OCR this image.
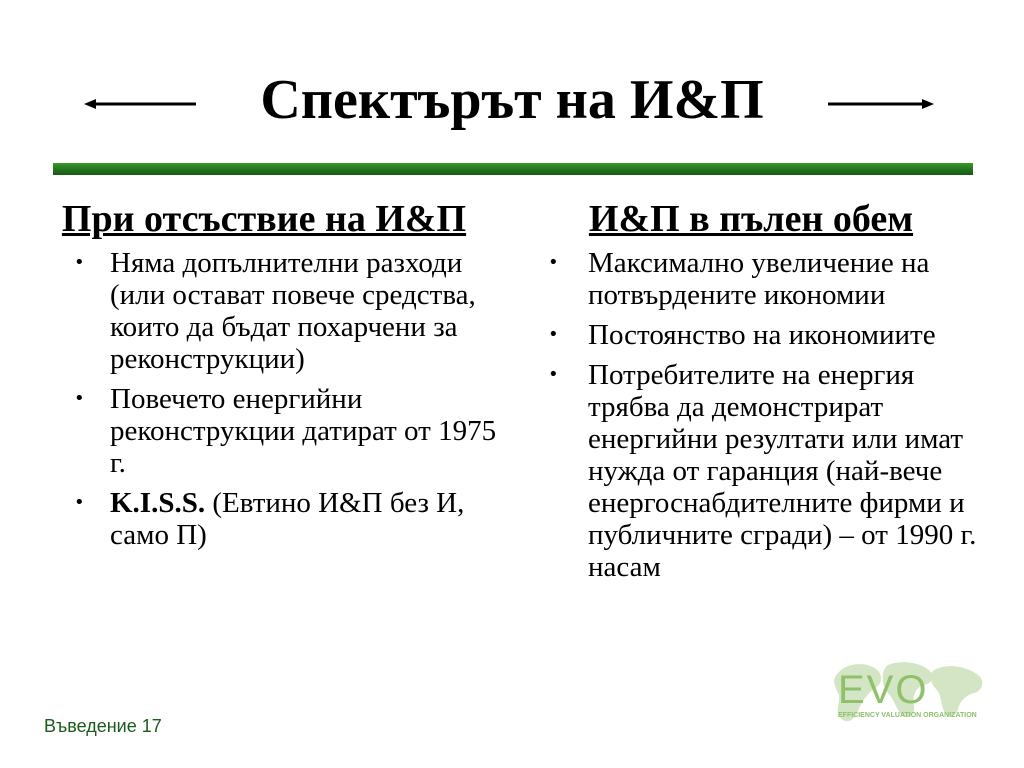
Спектърът на И&П
При отсъствие на И&П
• Няма допълнителни разходи (или остават повече средства, които да бъдат похарчени за реконструкции)
• Повечето енергийни реконструкции датират от 1975 г.
• K.I.S.S. (Евтино И&П без И, само П)
И&П в пълен обем
• Максимално увеличение на потвърдените икономии
• Постоянство на икономиите
• Потребителите на енергия трябва да демонстрират енергийни резултати или имат нужда от гаранция (най-вече енергоснабдителните фирми и публичните сгради) – от 1990 г. насам
Въведение 17
EVO
EFFICIENCY VALUATION ORGANIZATION
